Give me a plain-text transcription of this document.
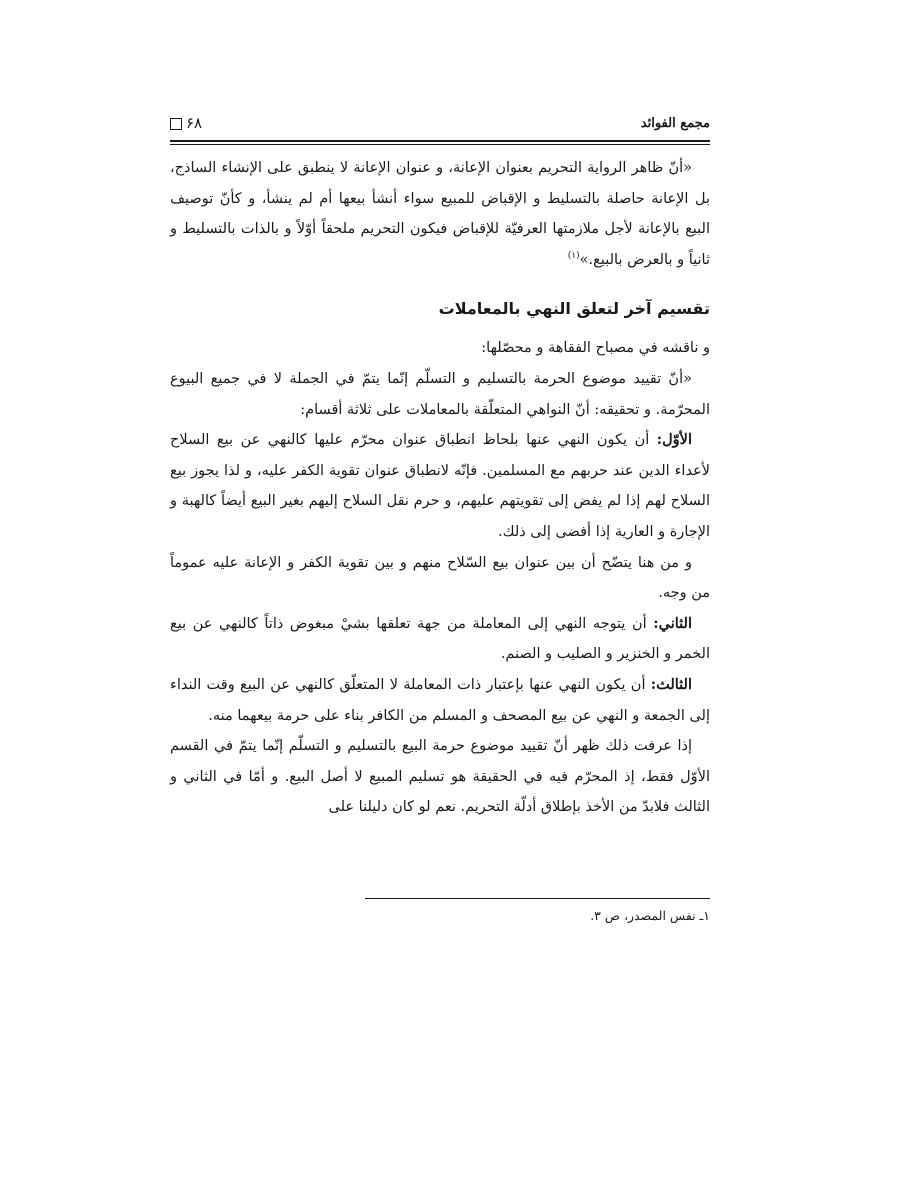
مجمع الفوائد
۶۸

«أنّ ظاهر الرواية التحريم بعنوان الإعانة، و عنوان الإعانة لا ينطبق على الإنشاء الساذج، بل الإعانة حاصلة بالتسليط و الإقباض للمبيع سواء أنشأ بيعها أم لم ينشأ، و كأنّ توصيف البيع بالإعانة لأجل ملازمتها العرفيّة للإقباض فيكون التحريم ملحقاً أوّلاً و بالذات بالتسليط و ثانياً و بالعرض بالبيع.»$^{(۱)}$

تقسيم آخر لتعلق النهي بالمعاملات

و ناقشه في مصباح الفقاهة و محصّلها:

«أنّ تقييد موضوع الحرمة بالتسليم و التسلّم إنّما يتمّ في الجملة لا في جميع البيوع المحرّمة. و تحقيقه: أنّ النواهي المتعلّقة بالمعاملات على ثلاثة أقسام:

الأوّل: أن يكون النهي عنها بلحاظ انطباق عنوان محرّم عليها كالنهي عن بيع السلاح لأعداء الدين عند حربهم مع المسلمين. فإنّه لانطباق عنوان تقوية الكفر عليه، و لذا يجوز بيع السلاح لهم إذا لم يفض إلى تقويتهم عليهم، و حرم نقل السلاح إليهم بغير البيع أيضاً كالهبة و الإجارة و العارية إذا أفضى إلى ذلك.

و من هنا يتضّح أن بين عنوان بيع السّلاح منهم و بين تقوية الكفر و الإعانة عليه عموماً من وجه.

الثاني: أن يتوجه النهي إلى المعاملة من جهة تعلقها بشيْ مبغوض ذاتاً كالنهي عن بيع الخمر و الخنزير و الصليب و الصنم.

الثالث: أن يكون النهي عنها بإعتبار ذات المعاملة لا المتعلّق كالنهي عن البيع وقت النداء إلى الجمعة و النهي عن بيع المصحف و المسلم من الكافر بناء على حرمة بيعهما منه.

إذا عرفت ذلك ظهر أنّ تقييد موضوع حرمة البيع بالتسليم و التسلّم إنّما يتمّ في القسم الأوّل فقط، إذ المحرّم فيه في الحقيقة هو تسليم المبيع لا أصل البيع. و أمّا في الثاني و الثالث فلابدّ من الأخذ بإطلاق أدلّة التحريم. نعم لو كان دليلنا على

۱ـ نفس المصدر، ص ۳.
